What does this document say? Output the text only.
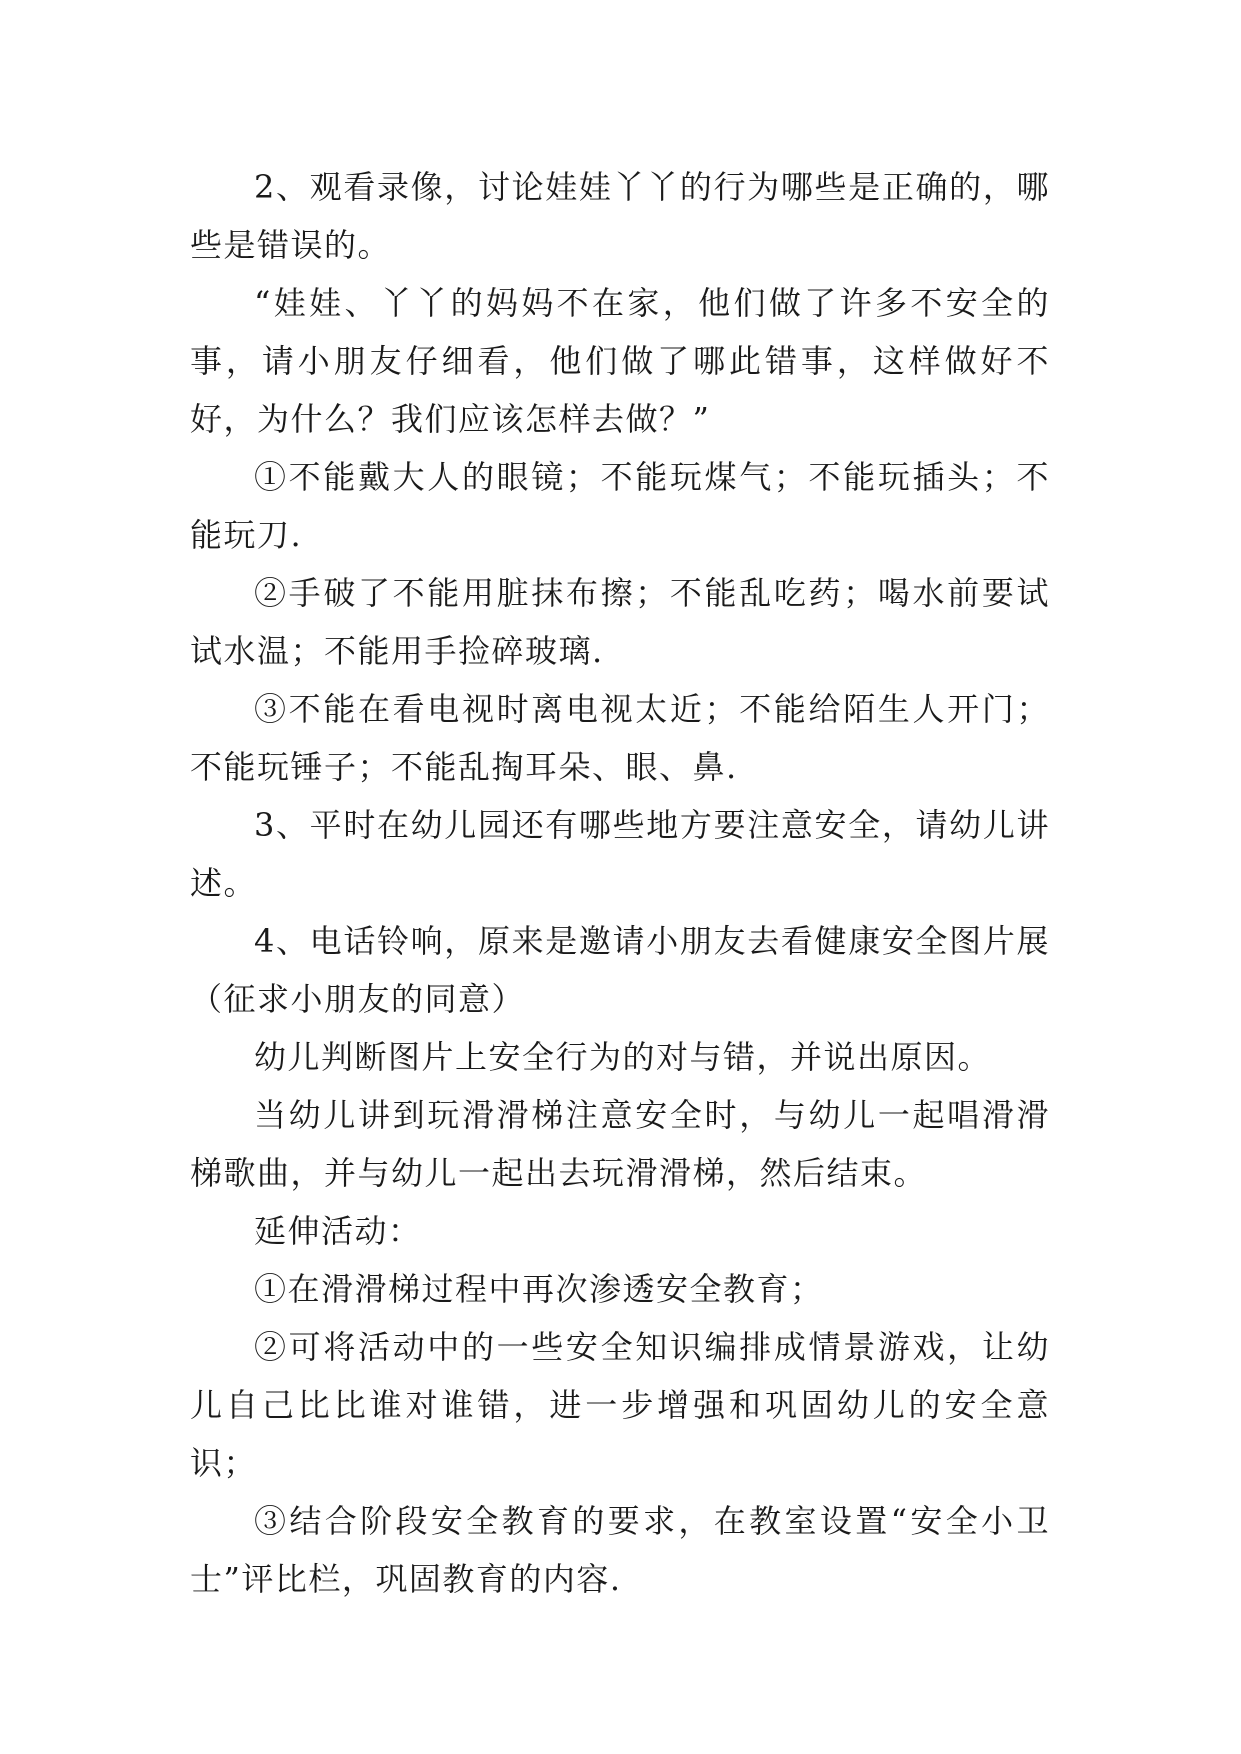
2、观看录像，讨论娃娃丫丫的行为哪些是正确的，哪些是错误的。

“娃娃、丫丫的妈妈不在家，他们做了许多不安全的事，请小朋友仔细看，他们做了哪此错事，这样做好不好，为什么？我们应该怎样去做？”

①不能戴大人的眼镜；不能玩煤气；不能玩插头；不能玩刀.

②手破了不能用脏抹布擦；不能乱吃药；喝水前要试试水温；不能用手捡碎玻璃.

③不能在看电视时离电视太近；不能给陌生人开门；不能玩锤子；不能乱掏耳朵、眼、鼻.

3、平时在幼儿园还有哪些地方要注意安全，请幼儿讲述。

4、电话铃响，原来是邀请小朋友去看健康安全图片展（征求小朋友的同意）

幼儿判断图片上安全行为的对与错，并说出原因。

当幼儿讲到玩滑滑梯注意安全时，与幼儿一起唱滑滑梯歌曲，并与幼儿一起出去玩滑滑梯，然后结束。

延伸活动：

①在滑滑梯过程中再次渗透安全教育；

②可将活动中的一些安全知识编排成情景游戏，让幼儿自己比比谁对谁错，进一步增强和巩固幼儿的安全意识；

③结合阶段安全教育的要求，在教室设置“安全小卫士”评比栏，巩固教育的内容.
